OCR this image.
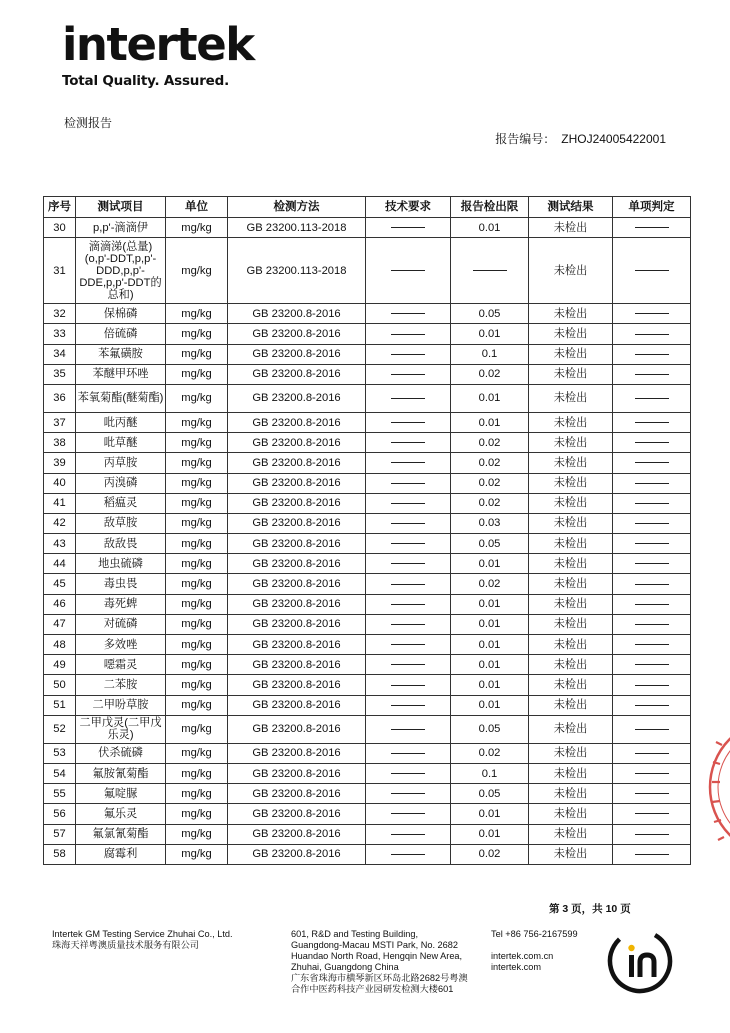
intertek
Total Quality. Assured.
检测报告
报告编号： ZHOJ24005422001
序号	测试项目	单位	检测方法	技术要求	报告检出限	测试结果	单项判定
30	p,p'-滴滴伊	mg/kg	GB 23200.113-2018		0.01	未检出	
31	滴滴涕(总量)(o,p'-DDT,p,p'-DDD,p,p'-DDE,p,p'-DDT的总和)	mg/kg	GB 23200.113-2018			未检出	
32	保棉磷	mg/kg	GB 23200.8-2016		0.05	未检出	
33	倍硫磷	mg/kg	GB 23200.8-2016		0.01	未检出	
34	苯氟磺胺	mg/kg	GB 23200.8-2016		0.1	未检出	
35	苯醚甲环唑	mg/kg	GB 23200.8-2016		0.02	未检出	
36	苯氧菊酯(醚菊酯)	mg/kg	GB 23200.8-2016		0.01	未检出	
37	吡丙醚	mg/kg	GB 23200.8-2016		0.01	未检出	
38	吡草醚	mg/kg	GB 23200.8-2016		0.02	未检出	
39	丙草胺	mg/kg	GB 23200.8-2016		0.02	未检出	
40	丙溴磷	mg/kg	GB 23200.8-2016		0.02	未检出	
41	稻瘟灵	mg/kg	GB 23200.8-2016		0.02	未检出	
42	敌草胺	mg/kg	GB 23200.8-2016		0.03	未检出	
43	敌敌畏	mg/kg	GB 23200.8-2016		0.05	未检出	
44	地虫硫磷	mg/kg	GB 23200.8-2016		0.01	未检出	
45	毒虫畏	mg/kg	GB 23200.8-2016		0.02	未检出	
46	毒死蜱	mg/kg	GB 23200.8-2016		0.01	未检出	
47	对硫磷	mg/kg	GB 23200.8-2016		0.01	未检出	
48	多效唑	mg/kg	GB 23200.8-2016		0.01	未检出	
49	噁霜灵	mg/kg	GB 23200.8-2016		0.01	未检出	
50	二苯胺	mg/kg	GB 23200.8-2016		0.01	未检出	
51	二甲吩草胺	mg/kg	GB 23200.8-2016		0.01	未检出	
52	二甲戊灵(二甲戊乐灵)	mg/kg	GB 23200.8-2016		0.05	未检出	
53	伏杀硫磷	mg/kg	GB 23200.8-2016		0.02	未检出	
54	氟胺氰菊酯	mg/kg	GB 23200.8-2016		0.1	未检出	
55	氟啶脲	mg/kg	GB 23200.8-2016		0.05	未检出	
56	氟乐灵	mg/kg	GB 23200.8-2016		0.01	未检出	
57	氟氯氰菊酯	mg/kg	GB 23200.8-2016		0.01	未检出	
58	腐霉利	mg/kg	GB 23200.8-2016		0.02	未检出	
第 3 页，共 10 页
Intertek GM Testing Service Zhuhai Co., Ltd.
珠海天祥粤澳质量技术服务有限公司
601, R&D and Testing Building,
Guangdong-Macau MSTI Park, No. 2682
Huandao North Road, Hengqin New Area,
Zhuhai, Guangdong China
广东省珠海市横琴新区环岛北路2682号粤澳
合作中医药科技产业园研发检测大楼601
Tel +86 756-2167599
intertek.com.cn
intertek.com
